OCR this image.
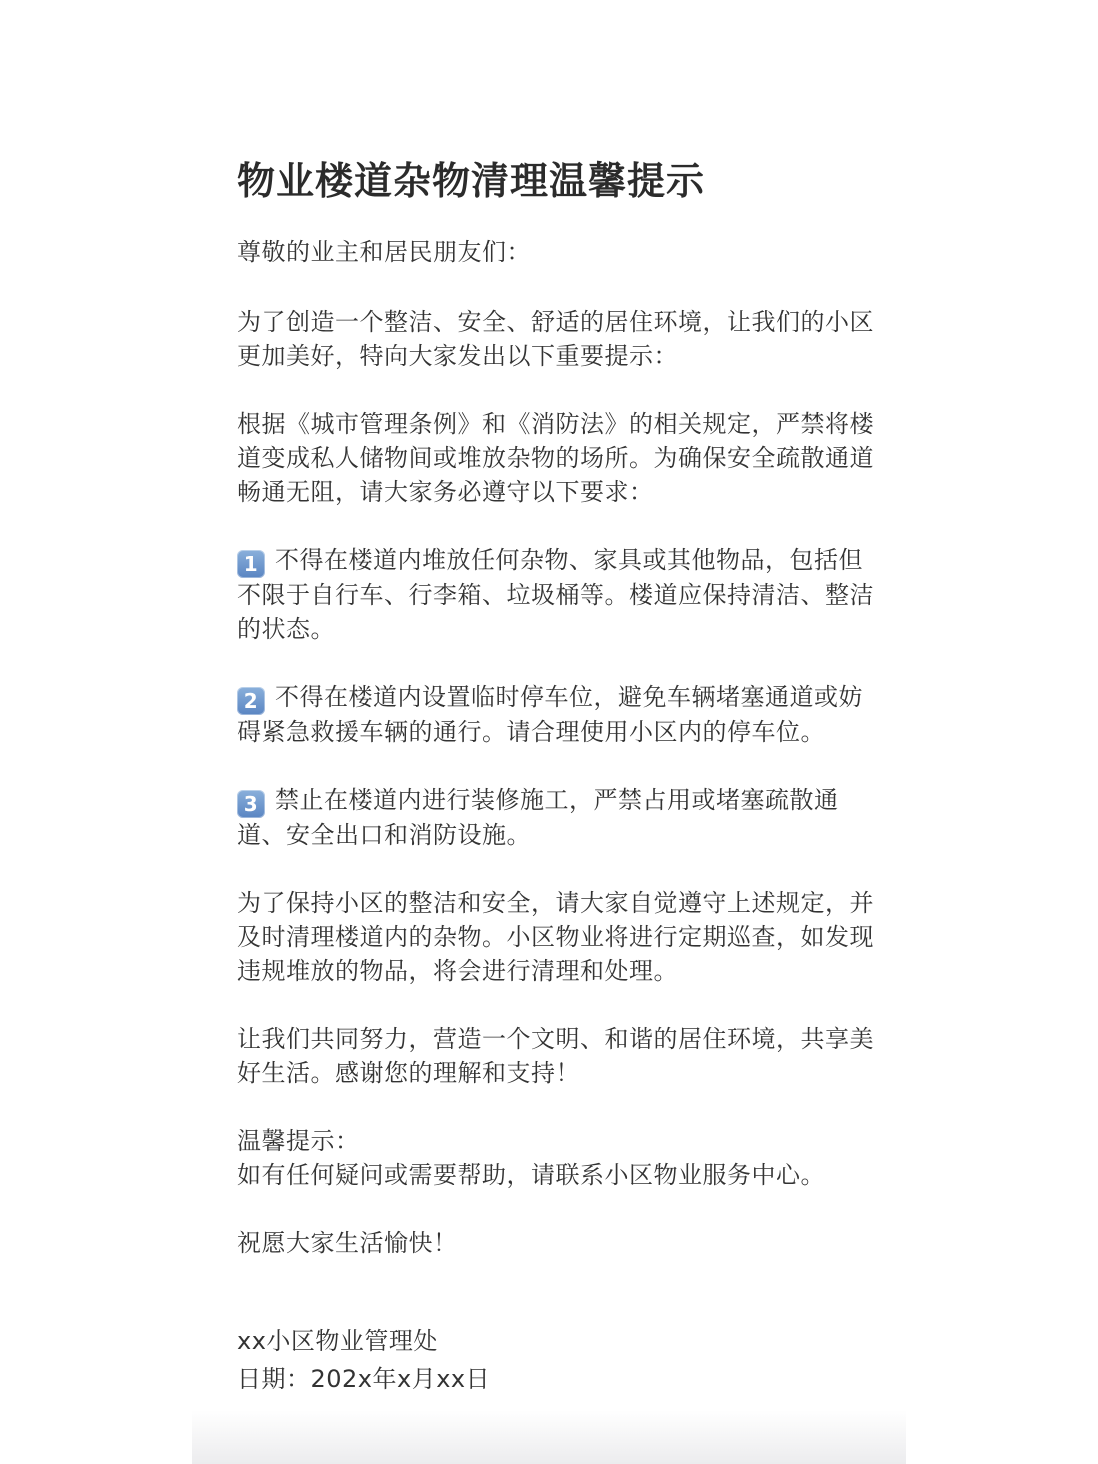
物业楼道杂物清理温馨提示

尊敬的业主和居民朋友们：

为了创造一个整洁、安全、舒适的居住环境，让我们的小区更加美好，特向大家发出以下重要提示：

根据《城市管理条例》和《消防法》的相关规定，严禁将楼道变成私人储物间或堆放杂物的场所。为确保安全疏散通道畅通无阻，请大家务必遵守以下要求：

1 不得在楼道内堆放任何杂物、家具或其他物品，包括但不限于自行车、行李箱、垃圾桶等。楼道应保持清洁、整洁的状态。

2 不得在楼道内设置临时停车位，避免车辆堵塞通道或妨碍紧急救援车辆的通行。请合理使用小区内的停车位。

3 禁止在楼道内进行装修施工，严禁占用或堵塞疏散通道、安全出口和消防设施。

为了保持小区的整洁和安全，请大家自觉遵守上述规定，并及时清理楼道内的杂物。小区物业将进行定期巡查，如发现违规堆放的物品，将会进行清理和处理。

让我们共同努力，营造一个文明、和谐的居住环境，共享美好生活。感谢您的理解和支持！

温馨提示：

如有任何疑问或需要帮助，请联系小区物业服务中心。

祝愿大家生活愉快！

xx小区物业管理处
日期：202x年x月xx日
